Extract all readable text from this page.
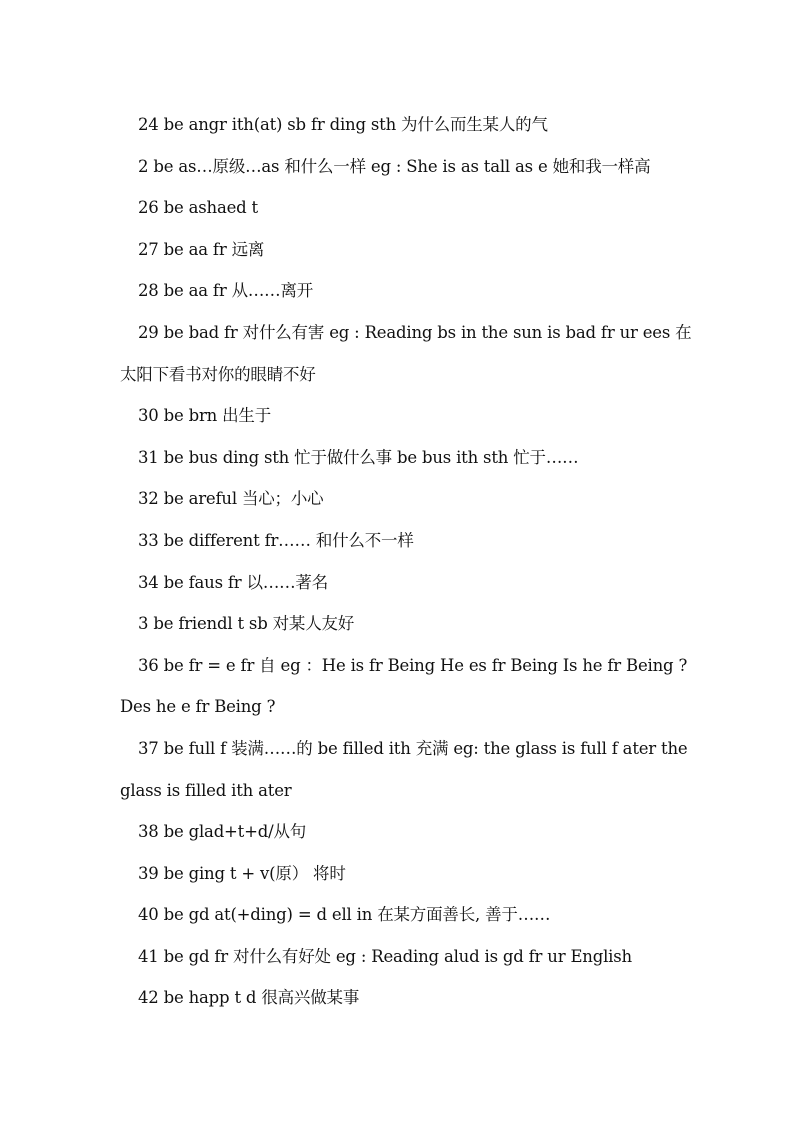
24 be angr ith(at) sb fr ding sth 为什么而生某人的气
2 be as…原级…as 和什么一样 eg : She is as tall as e 她和我一样高
26 be ashaed t
27 be aa fr 远离
28 be aa fr 从……离开
29 be bad fr 对什么有害 eg : Reading bs in the sun is bad fr ur ees 在
太阳下看书对你的眼睛不好
30 be brn 出生于
31 be bus ding sth 忙于做什么事 be bus ith sth 忙于……
32 be areful 当心；小心
33 be different fr…… 和什么不一样
34 be faus fr 以……著名
3 be friendl t sb 对某人友好
36 be fr = e fr 自 eg ：He is fr Being He es fr Being Is he fr Being ?
Des he e fr Being ?
37 be full f 装满……的 be filled ith 充满 eg: the glass is full f ater the
glass is filled ith ater
38 be glad+t+d/从句
39 be ging t + v(原） 将时
40 be gd at(+ding) = d ell in 在某方面善长, 善于……
41 be gd fr 对什么有好处 eg : Reading alud is gd fr ur English
42 be happ t d 很高兴做某事
